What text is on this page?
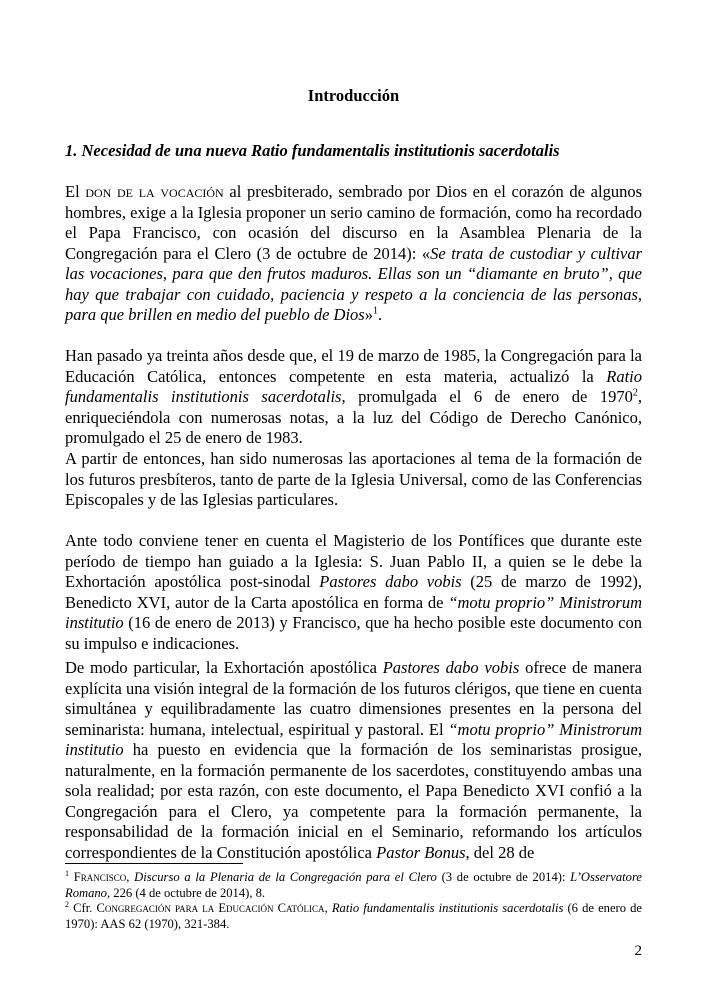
Introducción
1. Necesidad de una nueva Ratio fundamentalis institutionis sacerdotalis

El don de la vocación al presbiterado, sembrado por Dios en el corazón de algunos hombres, exige a la Iglesia proponer un serio camino de formación, como ha recordado el Papa Francisco, con ocasión del discurso en la Asamblea Plenaria de la Congregación para el Clero (3 de octubre de 2014): «Se trata de custodiar y cultivar las vocaciones, para que den frutos maduros. Ellas son un “diamante en bruto”, que hay que trabajar con cuidado, paciencia y respeto a la conciencia de las personas, para que brillen en medio del pueblo de Dios»$^1$.

Han pasado ya treinta años desde que, el 19 de marzo de 1985, la Congregación para la Educación Católica, entonces competente en esta materia, actualizó la Ratio fundamentalis institutionis sacerdotalis, promulgada el 6 de enero de 1970$^2$, enriqueciéndola con numerosas notas, a la luz del Código de Derecho Canónico, promulgado el 25 de enero de 1983.

A partir de entonces, han sido numerosas las aportaciones al tema de la formación de los futuros presbíteros, tanto de parte de la Iglesia Universal, como de las Conferencias Episcopales y de las Iglesias particulares.

Ante todo conviene tener en cuenta el Magisterio de los Pontífices que durante este período de tiempo han guiado a la Iglesia: S. Juan Pablo II, a quien se le debe la Exhortación apostólica post-sinodal Pastores dabo vobis (25 de marzo de 1992), Benedicto XVI, autor de la Carta apostólica en forma de “motu proprio” Ministrorum institutio (16 de enero de 2013) y Francisco, que ha hecho posible este documento con su impulso e indicaciones.

De modo particular, la Exhortación apostólica Pastores dabo vobis ofrece de manera explícita una visión integral de la formación de los futuros clérigos, que tiene en cuenta simultánea y equilibradamente las cuatro dimensiones presentes en la persona del seminarista: humana, intelectual, espiritual y pastoral. El “motu proprio” Ministrorum institutio ha puesto en evidencia que la formación de los seminaristas prosigue, naturalmente, en la formación permanente de los sacerdotes, constituyendo ambas una sola realidad; por esta razón, con este documento, el Papa Benedicto XVI confió a la Congregación para el Clero, ya competente para la formación permanente, la responsabilidad de la formación inicial en el Seminario, reformando los artículos correspondientes de la Constitución apostólica Pastor Bonus, del 28 de

$^1$ Francisco, Discurso a la Plenaria de la Congregación para el Clero (3 de octubre de 2014): L’Osservatore Romano, 226 (4 de octubre de 2014), 8.

$^2$ Cfr. Congregación para la Educación Católica, Ratio fundamentalis institutionis sacerdotalis (6 de enero de 1970): AAS 62 (1970), 321-384.

2
